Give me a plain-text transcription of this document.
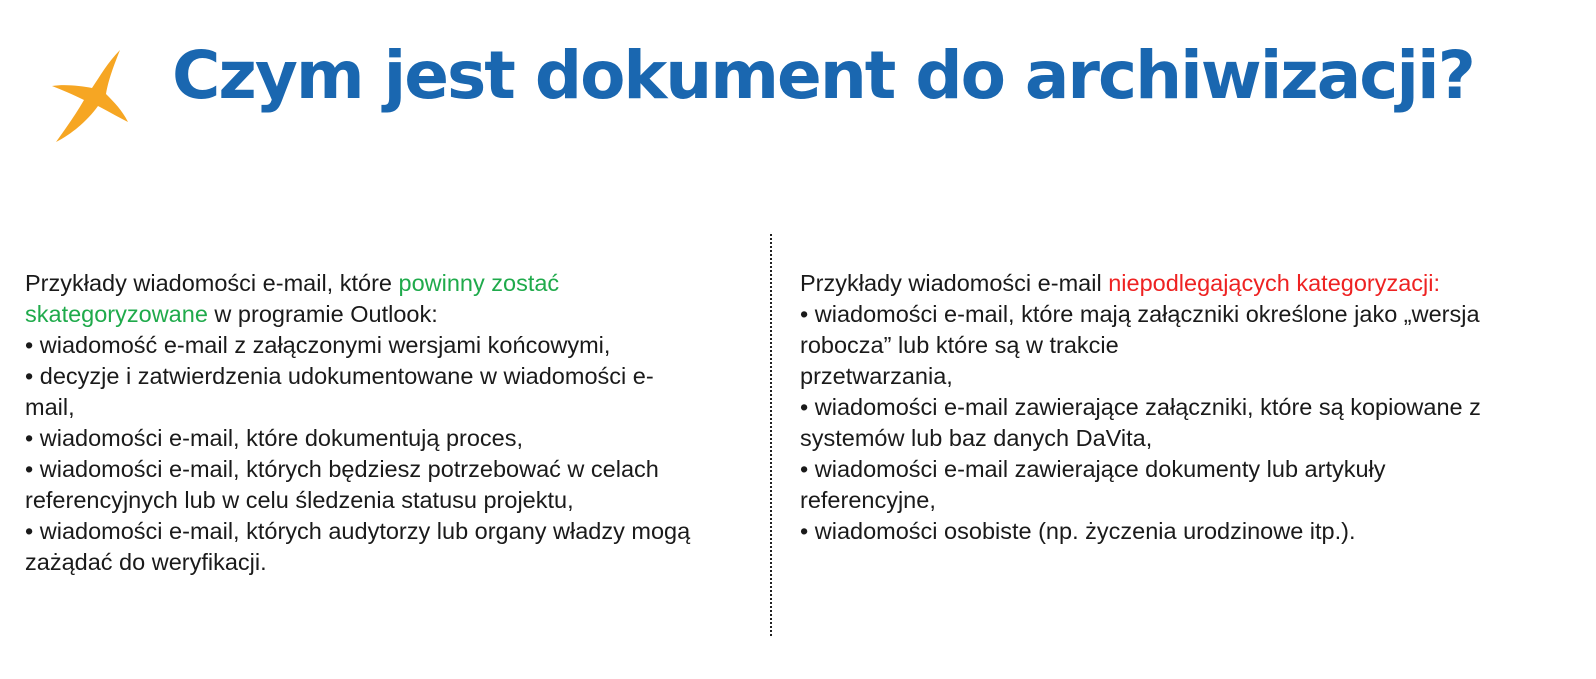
Czym jest dokument do archiwizacji?
Przykłady wiadomości e-mail, które powinny zostać
skategoryzowane w programie Outlook:
• wiadomość e-mail z załączonymi wersjami końcowymi,
• decyzje i zatwierdzenia udokumentowane w wiadomości e-
mail,
• wiadomości e-mail, które dokumentują proces,
• wiadomości e-mail, których będziesz potrzebować w celach
referencyjnych lub w celu śledzenia statusu projektu,
• wiadomości e-mail, których audytorzy lub organy władzy mogą
zażądać do weryfikacji.
Przykłady wiadomości e-mail niepodlegających kategoryzacji:
• wiadomości e-mail, które mają załączniki określone jako „wersja
robocza” lub które są w trakcie
przetwarzania,
• wiadomości e-mail zawierające załączniki, które są kopiowane z
systemów lub baz danych DaVita,
• wiadomości e-mail zawierające dokumenty lub artykuły
referencyjne,
• wiadomości osobiste (np. życzenia urodzinowe itp.).
